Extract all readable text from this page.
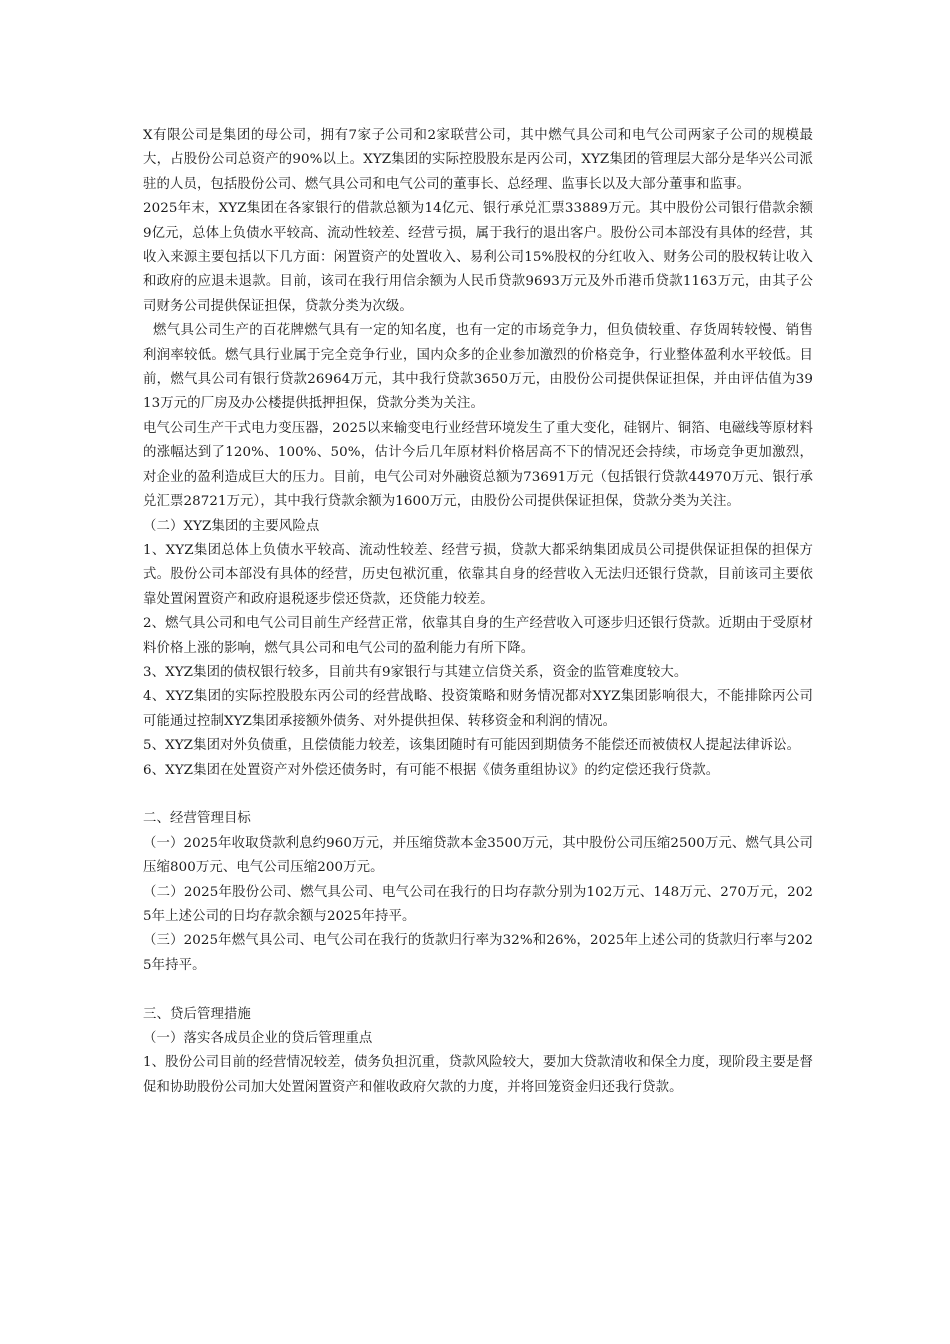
X有限公司是集团的母公司，拥有7家子公司和2家联营公司，其中燃气具公司和电气公司两家子公司的规模最大，占股份公司总资产的90%以上。XYZ集团的实际控股股东是丙公司，XYZ集团的管理层大部分是华兴公司派驻的人员，包括股份公司、燃气具公司和电气公司的董事长、总经理、监事长以及大部分董事和监事。

2025年末，XYZ集团在各家银行的借款总额为14亿元、银行承兑汇票33889万元。其中股份公司银行借款余额9亿元，总体上负债水平较高、流动性较差、经营亏损，属于我行的退出客户。股份公司本部没有具体的经营，其收入来源主要包括以下几方面：闲置资产的处置收入、易利公司15%股权的分红收入、财务公司的股权转让收入和政府的应退未退款。目前，该司在我行用信余额为人民币贷款9693万元及外币港币贷款1163万元，由其子公司财务公司提供保证担保，贷款分类为次级。

燃气具公司生产的百花牌燃气具有一定的知名度，也有一定的市场竞争力，但负债较重、存货周转较慢、销售利润率较低。燃气具行业属于完全竞争行业，国内众多的企业参加激烈的价格竞争，行业整体盈利水平较低。目前，燃气具公司有银行贷款26964万元，其中我行贷款3650万元，由股份公司提供保证担保，并由评估值为3913万元的厂房及办公楼提供抵押担保，贷款分类为关注。

电气公司生产干式电力变压器，2025以来输变电行业经营环境发生了重大变化，硅钢片、铜箔、电磁线等原材料的涨幅达到了120%、100%、50%，估计今后几年原材料价格居高不下的情况还会持续，市场竞争更加激烈，对企业的盈利造成巨大的压力。目前，电气公司对外融资总额为73691万元（包括银行贷款44970万元、银行承兑汇票28721万元），其中我行贷款余额为1600万元，由股份公司提供保证担保，贷款分类为关注。

（二）XYZ集团的主要风险点

1、XYZ集团总体上负债水平较高、流动性较差、经营亏损，贷款大都采纳集团成员公司提供保证担保的担保方式。股份公司本部没有具体的经营，历史包袱沉重，依靠其自身的经营收入无法归还银行贷款，目前该司主要依靠处置闲置资产和政府退税逐步偿还贷款，还贷能力较差。

2、燃气具公司和电气公司目前生产经营正常，依靠其自身的生产经营收入可逐步归还银行贷款。近期由于受原材料价格上涨的影响，燃气具公司和电气公司的盈利能力有所下降。

3、XYZ集团的债权银行较多，目前共有9家银行与其建立信贷关系，资金的监管难度较大。

4、XYZ集团的实际控股股东丙公司的经营战略、投资策略和财务情况都对XYZ集团影响很大，不能排除丙公司可能通过控制XYZ集团承接额外债务、对外提供担保、转移资金和利润的情况。

5、XYZ集团对外负债重，且偿债能力较差，该集团随时有可能因到期债务不能偿还而被债权人提起法律诉讼。

6、XYZ集团在处置资产对外偿还债务时，有可能不根据《债务重组协议》的约定偿还我行贷款。

二、经营管理目标

（一）2025年收取贷款利息约960万元，并压缩贷款本金3500万元，其中股份公司压缩2500万元、燃气具公司压缩800万元、电气公司压缩200万元。

（二）2025年股份公司、燃气具公司、电气公司在我行的日均存款分别为102万元、148万元、270万元，2025年上述公司的日均存款余额与2025年持平。

（三）2025年燃气具公司、电气公司在我行的货款归行率为32%和26%，2025年上述公司的货款归行率与2025年持平。

三、贷后管理措施

（一）落实各成员企业的贷后管理重点

1、股份公司目前的经营情况较差，债务负担沉重，贷款风险较大，要加大贷款清收和保全力度，现阶段主要是督促和协助股份公司加大处置闲置资产和催收政府欠款的力度，并将回笼资金归还我行贷款。
